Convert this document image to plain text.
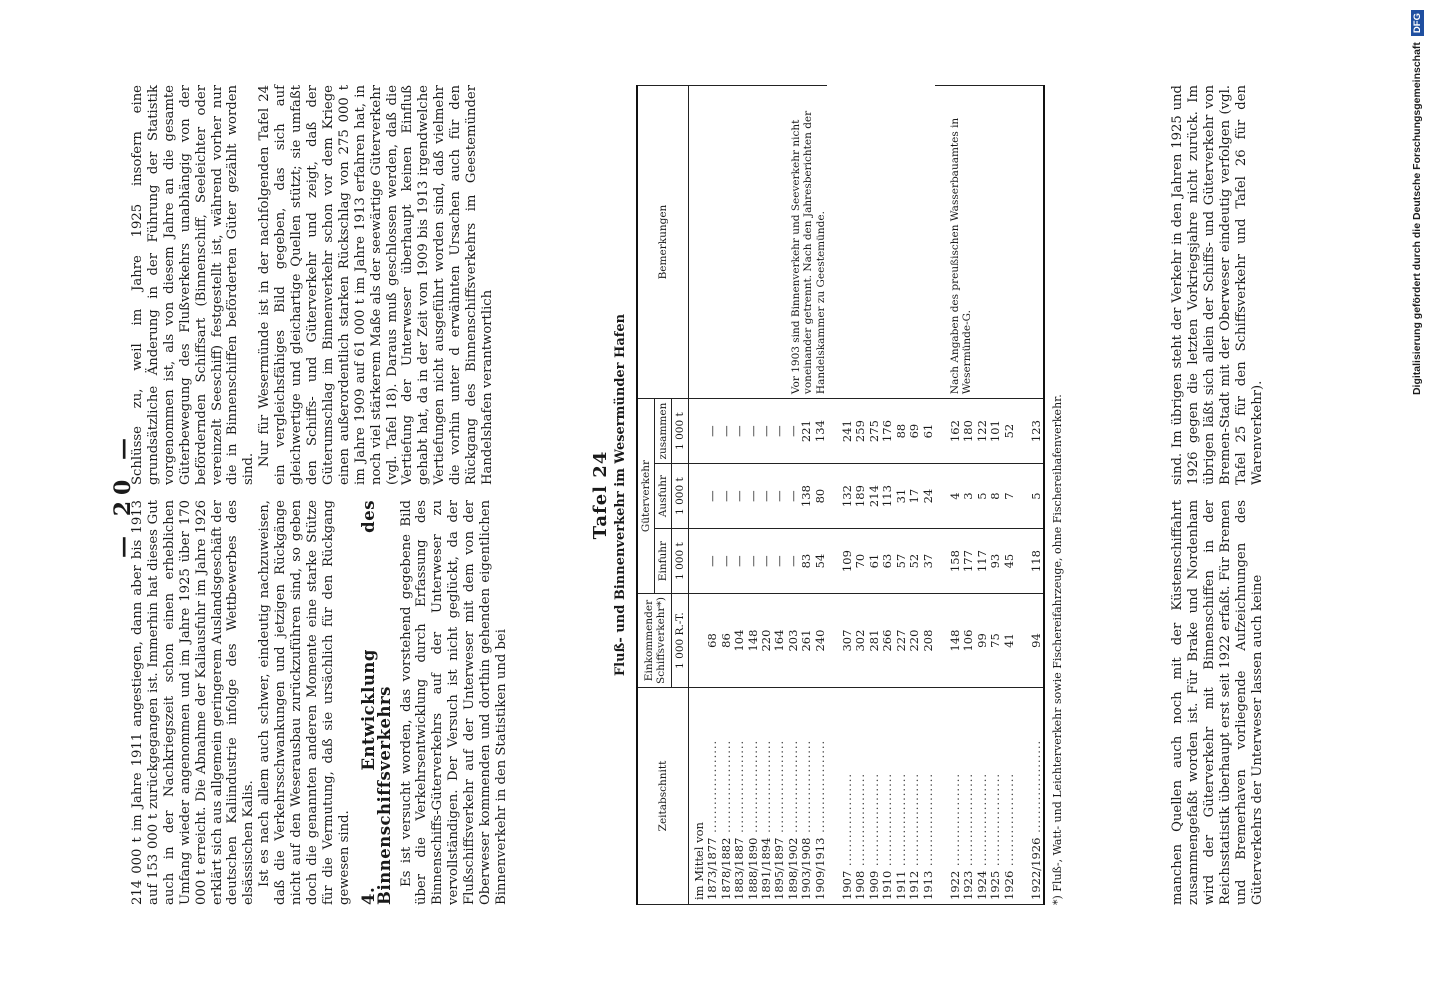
— 20 —

214 000 t im Jahre 1911 angestiegen, dann aber bis 1913 auf 153 000 t zurückgegangen ist. Immerhin hat dieses Gut auch in der Nachkriegszeit schon einen erheblichen Umfang wieder angenommen und im Jahre 1925 über 170 000 t erreicht. Die Abnahme der Kaliausfuhr im Jahre 1926 erklärt sich aus allgemein geringerem Auslandsgeschäft der deutschen Kaliindustrie infolge des Wettbewerbes des elsässischen Kalis. Ist es nach allem auch schwer, eindeutig nachzuweisen, daß die Verkehrsschwankungen und jetzigen Rückgänge nicht auf den Weserausbau zurückzuführen sind, so geben doch die genannten anderen Momente eine starke Stütze für die Vermutung, daß sie ursächlich für den Rückgang gewesen sind. 4. Entwicklung des Binnenschiffsverkehrs Es ist versucht worden, das vorstehend gegebene Bild über die Verkehrsentwicklung durch Erfassung des Binnenschiffs-Güterverkehrs auf der Unterweser zu vervollständigen. Der Versuch ist nicht geglückt, da der Flußschiffsverkehr auf der Unterweser mit dem von der Oberweser kommenden und dorthin gehenden eigentlichen Binnenverkehr in den Statistiken und bei

Schlüsse zu, weil im Jahre 1925 insofern eine grundsätzliche Änderung in der Führung der Statistik vorgenommen ist, als von diesem Jahre an die gesamte Güterbewegung des Flußverkehrs unabhängig von der befördernden Schiffsart (Binnenschiff, Seeleichter oder vereinzelt Seeschiff) festgestellt ist, während vorher nur die in Binnenschiffen beförderten Güter gezählt worden sind.

Nur für Wesermünde ist in der nachfolgenden Tafel 24 ein vergleichsfähiges Bild gegeben, das sich auf gleichwertige und gleichartige Quellen stützt; sie umfaßt den Schiffs- und Güterverkehr und zeigt, daß der Güterumschlag im Binnenverkehr schon vor dem Kriege einen außerordentlich starken Rückschlag von 275 000 t im Jahre 1909 auf 61 000 t im Jahre 1913 erfahren hat, in noch viel stärkerem Maße als der seewärtige Güterverkehr (vgl. Tafel 18). Daraus muß geschlossen werden, daß die Vertiefung der Unterweser überhaupt keinen Einfluß gehabt hat, da in der Zeit von 1909 bis 1913 irgendwelche Vertiefungen nicht ausgeführt worden sind, daß vielmehr die vorhin unter d erwähnten Ursachen auch für den Rückgang des Binnenschiffsverkehrs im Geestemünder Handelshafen verantwortlich

Tafel 24 Fluß- und Binnenverkehr im Wesermünder Hafen
Zeitabschnitt	Einkommender Schiffsverkehr*)	Güterverkehr			Bemerkungen
		Einfuhr	Ausfuhr	zusammen	
	1 000 R.-T.	1 000 t	1 000 t	1 000 t	
im Mittel von					Vor 1903 sind Binnenverkehr und Seeverkehr nicht voneinander getrennt. Nach den Jahresberichten der Handelskammer zu Geestemünde.
1873/1877 ....................	68	—	—	—	
1878/1882 ....................	86	—	—	—	
1883/1887 ....................	104	—	—	—	
1888/1890 ....................	148	—	—	—	
1891/1894 ....................	220	—	—	—	
1895/1897 ....................	164	—	—	—	
1898/1902 ....................	203	—	—	—	
1903/1908 ....................	261	83	138	221	
1909/1913 ....................	240	54	80	134	
1907 ....................	307	109	132	241	
1908 ....................	302	70	189	259	
1909 ....................	281	61	214	275	
1910 ....................	266	63	113	176	
1911 ....................	227	57	31	88	
1912 ....................	220	52	17	69	
1913 ....................	208	37	24	61	
1922 ....................	148	158	4	162	Nach Angaben des preußischen Wasserbauamtes in Wesermünde-G.
1923 ....................	106	177	3	180	
1924 ....................	99	117	5	122	
1925 ....................	75	93	8	101	
1926 ....................	41	45	7	52	
1922/1926 ....................	94	118	5	123	*) Fluß-, Watt- und Leichterverkehr sowie Fischereifahrzeuge, ohne Fischereihafenverkehr.	manchen Quellen auch noch mit der Küstenschiffahrt zusammengefaßt worden ist. Für Brake und Nordenham wird der Güterverkehr mit Binnenschiffen in der Reichsstatistik überhaupt erst seit 1922 erfaßt. Für Bremen und Bremerhaven vorliegende Aufzeichnungen des Güterverkehrs der Unterweser lassen auch keine

sind. Im übrigen steht der Verkehr in den Jahren 1925 und 1926 gegen die letzten Vorkriegsjahre nicht zurück. Im übrigen läßt sich allein der Schiffs- und Güterverkehr von Bremen-Stadt mit der Oberweser eindeutig verfolgen (vgl. Tafel 25 für den Schiffsverkehr und Tafel 26 für den Warenverkehr).

Digitalisierung gefördert durch die Deutsche Forschungsgemeinschaft
DFG
